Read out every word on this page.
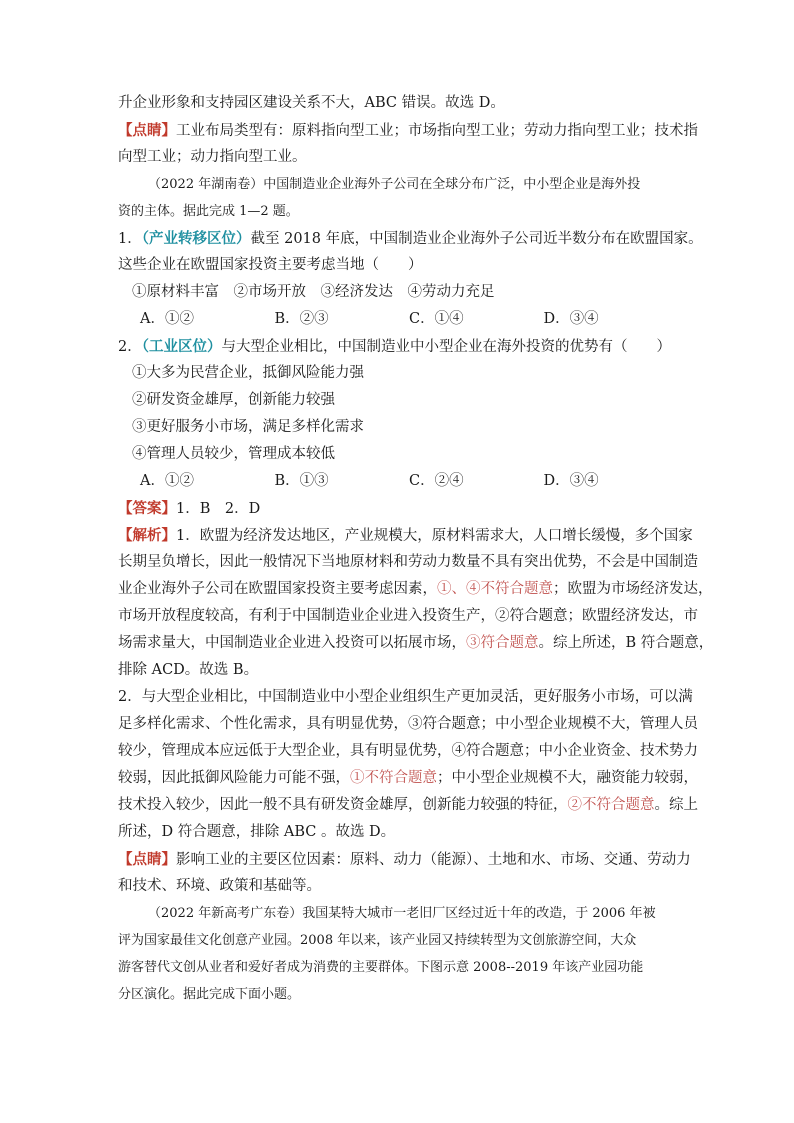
升企业形象和支持园区建设关系不大，ABC 错误。故选 D。
【点睛】工业布局类型有：原料指向型工业；市场指向型工业；劳动力指向型工业；技术指
向型工业；动力指向型工业。
（2022 年湖南卷）中国制造业企业海外子公司在全球分布广泛，中小型企业是海外投
资的主体。据此完成 1—2 题。
1．（产业转移区位）截至 2018 年底，中国制造业企业海外子公司近半数分布在欧盟国家。
这些企业在欧盟国家投资主要考虑当地（　　）
①原材料丰富　②市场开放　③经济发达　④劳动力充足
A．①②	B．②③	C．①④	D．③④
2．（工业区位）与大型企业相比，中国制造业中小型企业在海外投资的优势有（　　）
①大多为民营企业，抵御风险能力强
②研发资金雄厚，创新能力较强
③更好服务小市场，满足多样化需求
④管理人员较少，管理成本较低
A．①②	B．①③	C．②④	D．③④
【答案】1．B　2．D
【解析】1．欧盟为经济发达地区，产业规模大，原材料需求大，人口增长缓慢，多个国家
长期呈负增长，因此一般情况下当地原材料和劳动力数量不具有突出优势，不会是中国制造
业企业海外子公司在欧盟国家投资主要考虑因素，①、④不符合题意；欧盟为市场经济发达，
市场开放程度较高，有利于中国制造业企业进入投资生产，②符合题意；欧盟经济发达，市
场需求量大，中国制造业企业进入投资可以拓展市场，③符合题意。综上所述，B 符合题意，
排除 ACD。故选 B。
2．与大型企业相比，中国制造业中小型企业组织生产更加灵活，更好服务小市场，可以满
足多样化需求、个性化需求，具有明显优势，③符合题意；中小型企业规模不大，管理人员
较少，管理成本应远低于大型企业，具有明显优势，④符合题意；中小企业资金、技术势力
较弱，因此抵御风险能力可能不强，①不符合题意；中小型企业规模不大，融资能力较弱，
技术投入较少，因此一般不具有研发资金雄厚，创新能力较强的特征，②不符合题意。综上
所述，D 符合题意，排除 ABC 。故选 D。
【点睛】影响工业的主要区位因素：原料、动力（能源）、土地和水、市场、交通、劳动力
和技术、环境、政策和基础等。
（2022 年新高考广东卷）我国某特大城市一老旧厂区经过近十年的改造，于 2006 年被
评为国家最佳文化创意产业园。2008 年以来，该产业园又持续转型为文创旅游空间，大众
游客替代文创从业者和爱好者成为消费的主要群体。下图示意 2008--2019 年该产业园功能
分区演化。据此完成下面小题。
